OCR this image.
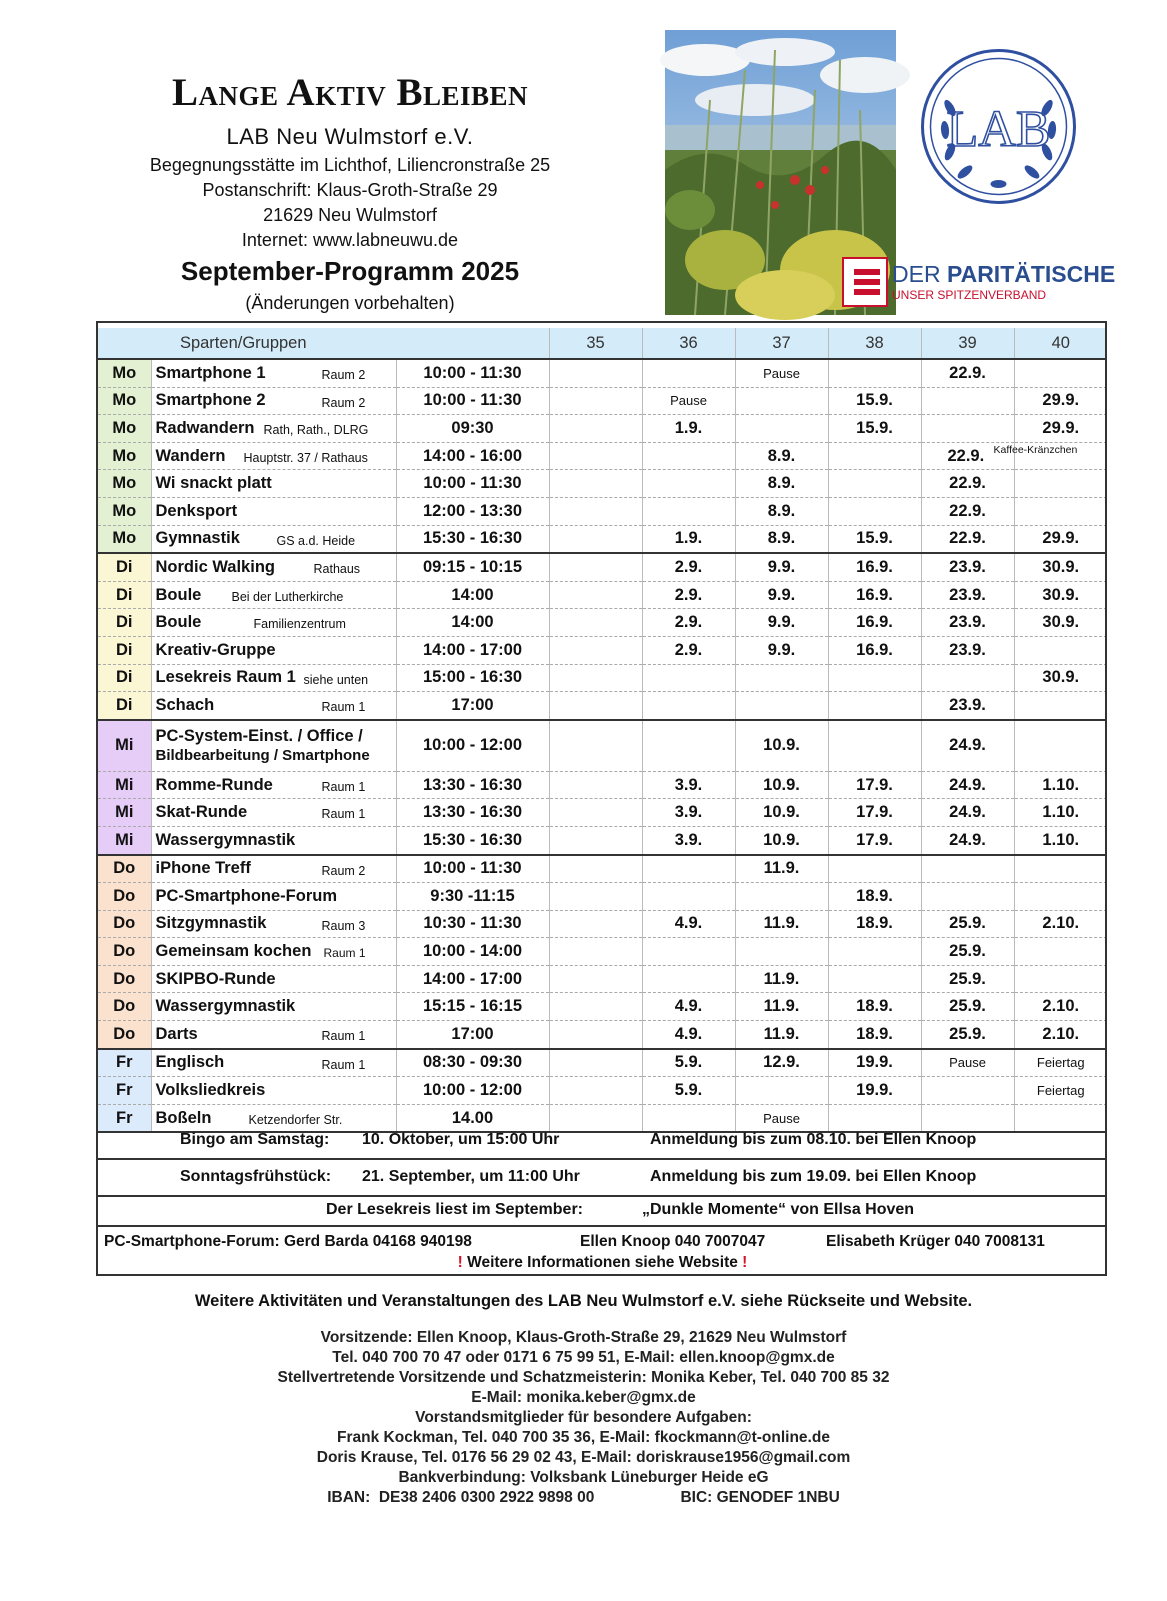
Lange Aktiv Bleiben
LAB Neu Wulmstorf e.V.
Begegnungsstätte im Lichthof, Liliencronstraße 25
Postanschrift: Klaus-Groth-Straße 29
21629 Neu Wulmstorf
Internet: www.labneuwu.de
September-Programm 2025
(Änderungen vorbehalten)
LAB
DER PARITÄTISCHE
UNSER SPITZENVERBAND
Sparten/Gruppen			35	36	37	38	39	40
Mo	Smartphone 1 Raum 2	10:00 - 11:30			Pause		22.9.	
Mo	Smartphone 2 Raum 2	10:00 - 11:30		Pause		15.9.		29.9.
Mo	Radwandern Rath, Rath., DLRG	09:30		1.9.		15.9.		29.9.
Mo	Wandern Hauptstr. 37 / Rathaus	14:00 - 16:00			8.9.		22.9. Kaffee-Kränzchen	

Mo	Wi snackt platt	10:00 - 11:30			8.9.		22.9.	
Mo	Denksport	12:00 - 13:30			8.9.		22.9.	
Mo	Gymnastik GS a.d. Heide	15:30 - 16:30		1.9.	8.9.	15.9.	22.9.	29.9.
Di	Nordic Walking Rathaus	09:15 - 10:15		2.9.	9.9.	16.9.	23.9.	30.9.
Di	Boule Bei der Lutherkirche	14:00		2.9.	9.9.	16.9.	23.9.	30.9.
Di	Boule Familienzentrum	14:00		2.9.	9.9.	16.9.	23.9.	30.9.
Di	Kreativ-Gruppe	14:00 - 17:00		2.9.	9.9.	16.9.	23.9.	
Di	Lesekreis Raum 1 siehe unten	15:00 - 16:30						30.9.
Di	Schach Raum 1	17:00					23.9.	
Mi	PC-System-Einst. / Office /
Bildbearbeitung / Smartphone	10:00 - 12:00			10.9.		24.9.	
Mi	Romme-Runde Raum 1	13:30 - 16:30		3.9.	10.9.	17.9.	24.9.	1.10.
Mi	Skat-Runde Raum 1	13:30 - 16:30		3.9.	10.9.	17.9.	24.9.	1.10.
Mi	Wassergymnastik	15:30 - 16:30		3.9.	10.9.	17.9.	24.9.	1.10.
Do	iPhone Treff Raum 2	10:00 - 11:30			11.9.			
Do	PC-Smartphone-Forum	9:30 -11:15				18.9.		
Do	Sitzgymnastik Raum 3	10:30 - 11:30		4.9.	11.9.	18.9.	25.9.	2.10.
Do	Gemeinsam kochen Raum 1	10:00 - 14:00					25.9.	
Do	SKIPBO-Runde	14:00 - 17:00			11.9.		25.9.	
Do	Wassergymnastik	15:15 - 16:15		4.9.	11.9.	18.9.	25.9.	2.10.
Do	Darts Raum 1	17:00		4.9.	11.9.	18.9.	25.9.	2.10.
Fr	Englisch Raum 1	08:30 - 09:30		5.9.	12.9.	19.9.	Pause	Feiertag
Fr	Volksliedkreis	10:00 - 12:00		5.9.		19.9.		Feiertag
Fr	Boßeln Ketzendorfer Str.	14.00			Pause			
Bingo am Samstag: 10. Oktober, um 15:00 Uhr	Anmeldung bis zum 08.10. bei Ellen Knoop
Sonntagsfrühstück: 21. September, um 11:00 Uhr	Anmeldung bis zum 19.09. bei Ellen Knoop
Der Lesekreis liest im September:	„Dunkle Momente“ von Ellsa Hoven
PC-Smartphone-Forum: Gerd Barda 04168 940198	Ellen Knoop 040 7007047	Elisabeth Krüger 040 7008131
! Weitere Informationen siehe Website !
Weitere Aktivitäten und Veranstaltungen des LAB Neu Wulmstorf e.V. siehe Rückseite und Website.
Vorsitzende: Ellen Knoop, Klaus-Groth-Straße 29, 21629 Neu Wulmstorf
Tel. 040 700 70 47 oder 0171 6 75 99 51, E-Mail: ellen.knoop@gmx.de
Stellvertretende Vorsitzende und Schatzmeisterin: Monika Keber, Tel. 040 700 85 32
E-Mail: monika.keber@gmx.de
Vorstandsmitglieder für besondere Aufgaben:
Frank Kockman, Tel. 040 700 35 36, E-Mail: fkockmann@t-online.de
Doris Krause, Tel. 0176 56 29 02 43, E-Mail: doriskrause1956@gmail.com
Bankverbindung: Volksbank Lüneburger Heide eG
IBAN:  DE38 2406 0300 2922 9898 00                    BIC: GENODEF 1NBU
